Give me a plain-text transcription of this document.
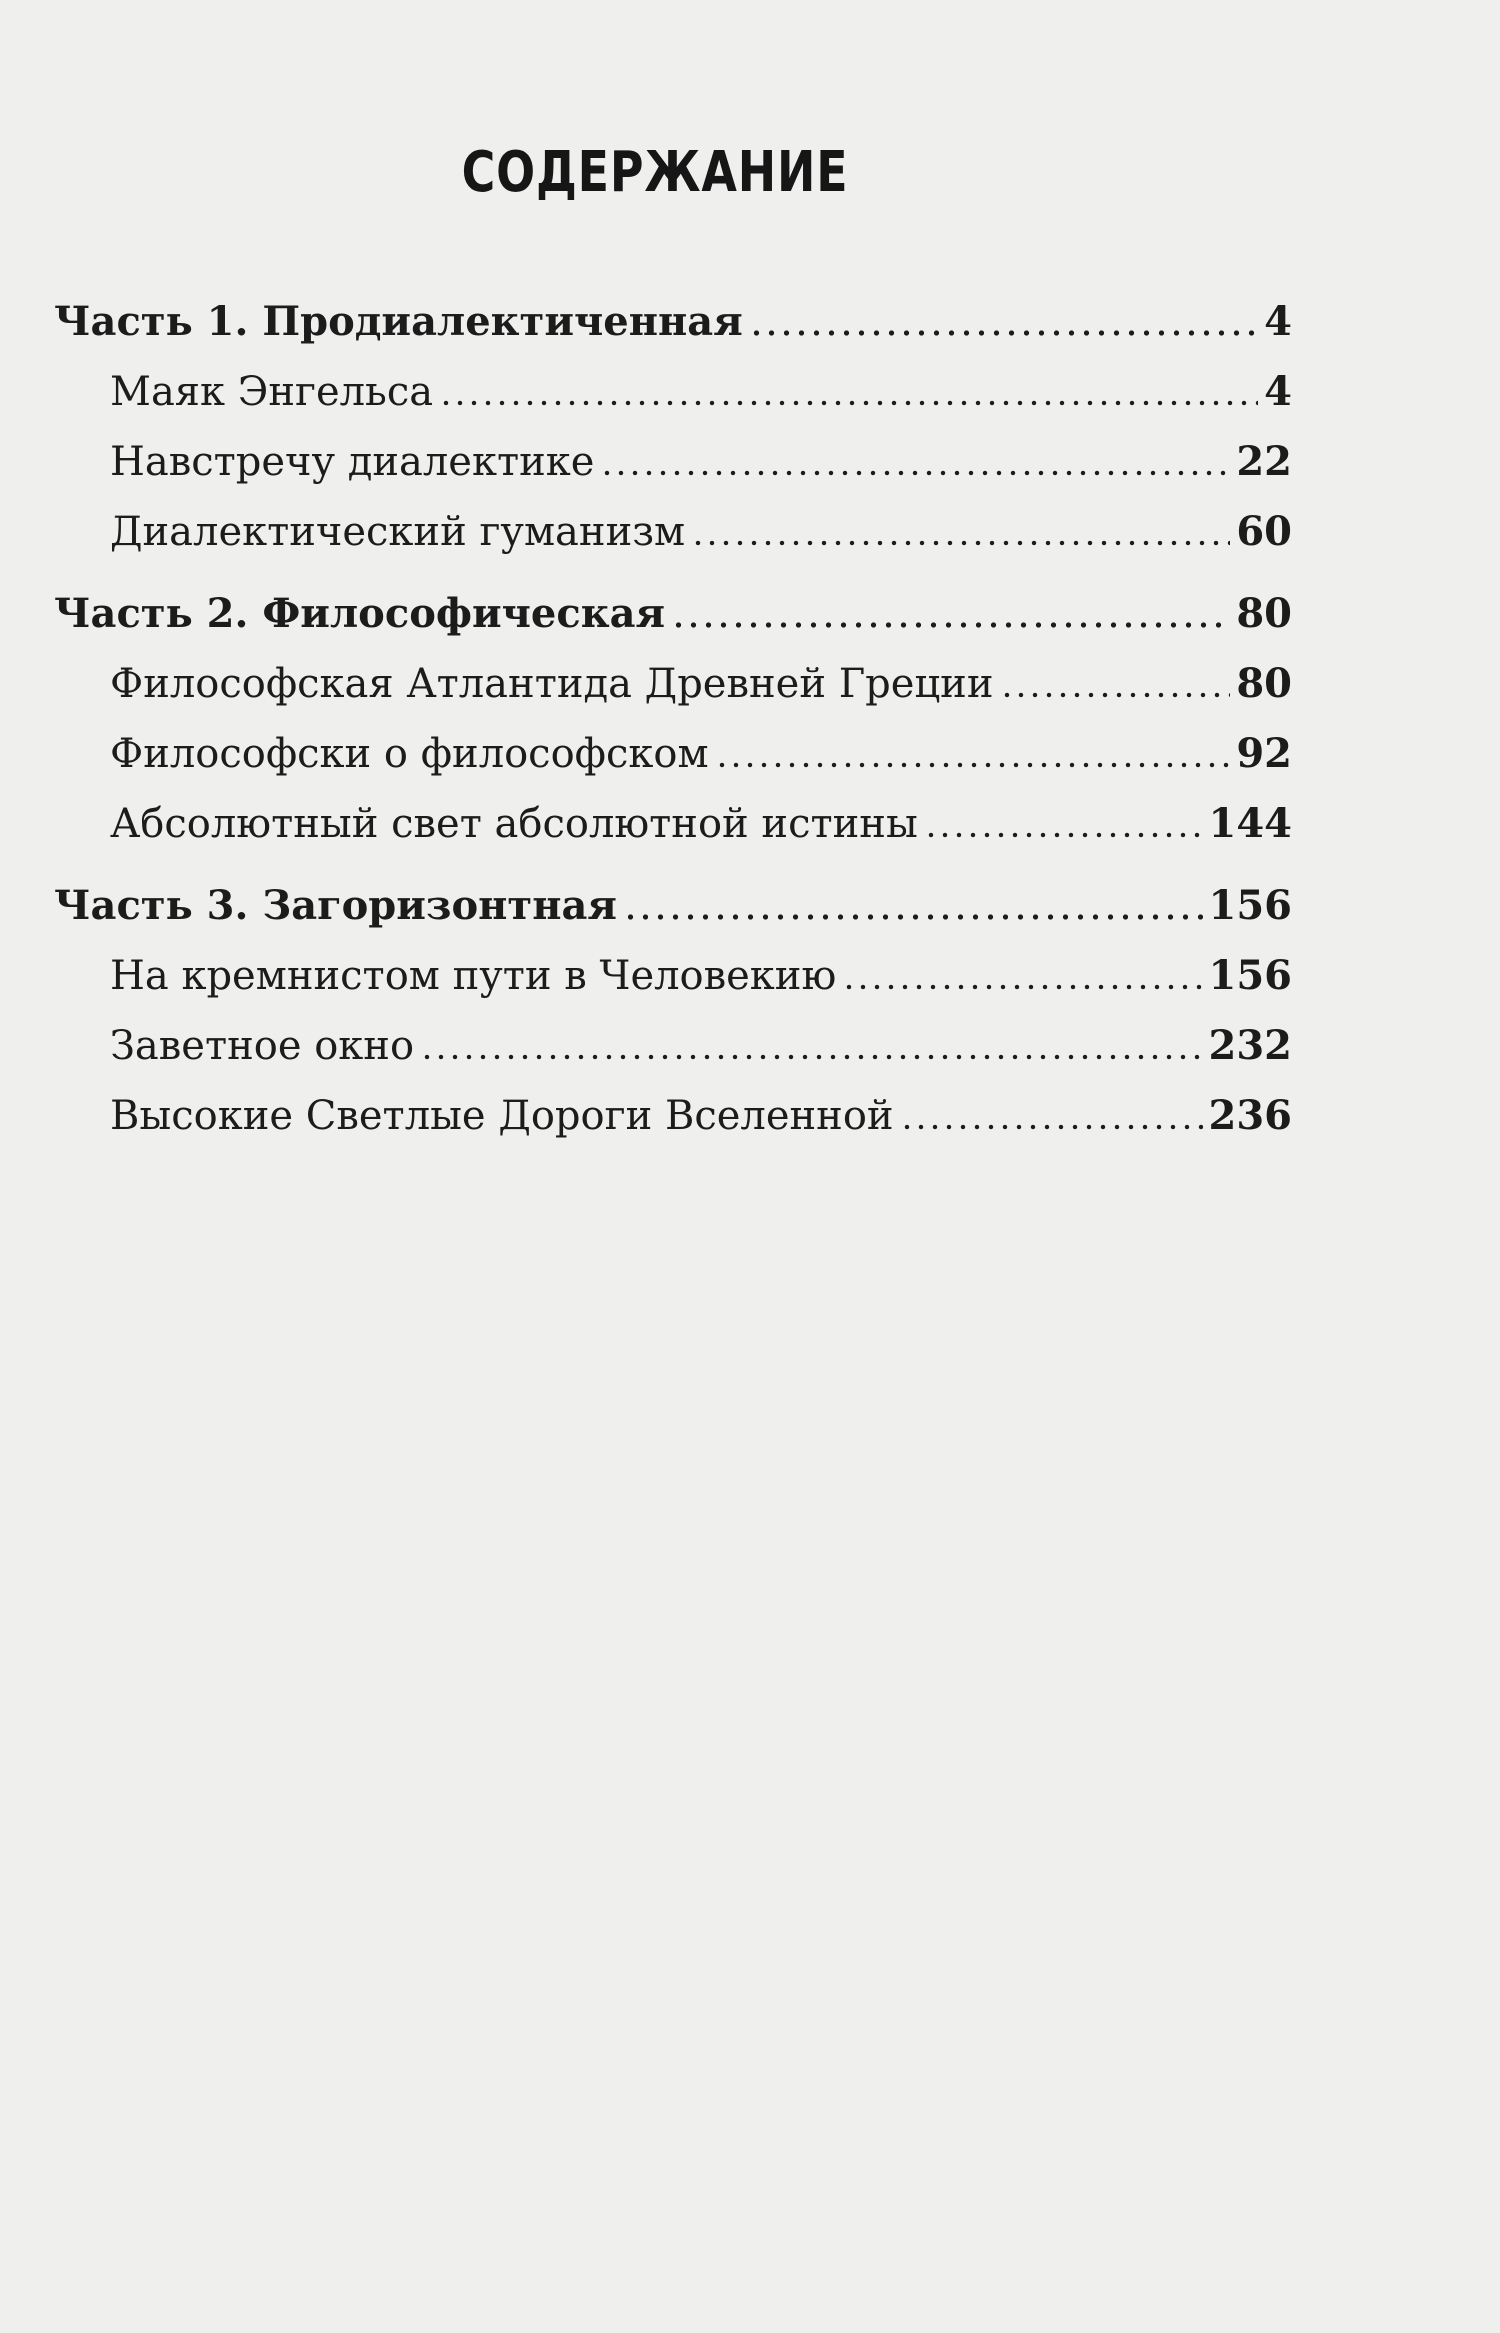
СОДЕРЖАНИЕ
Часть 1. Продиалектиченная	4
Маяк Энгельса	4
Навстречу диалектике	22
Диалектический гуманизм	60
Часть 2. Философическая	80
Философская Атлантида Древней Греции	80
Философски о философском	92
Абсолютный свет абсолютной истины	144
Часть 3. Загоризонтная	156
На кремнистом пути в Человекию	156
Заветное окно	232
Высокие Светлые Дороги Вселенной	236
